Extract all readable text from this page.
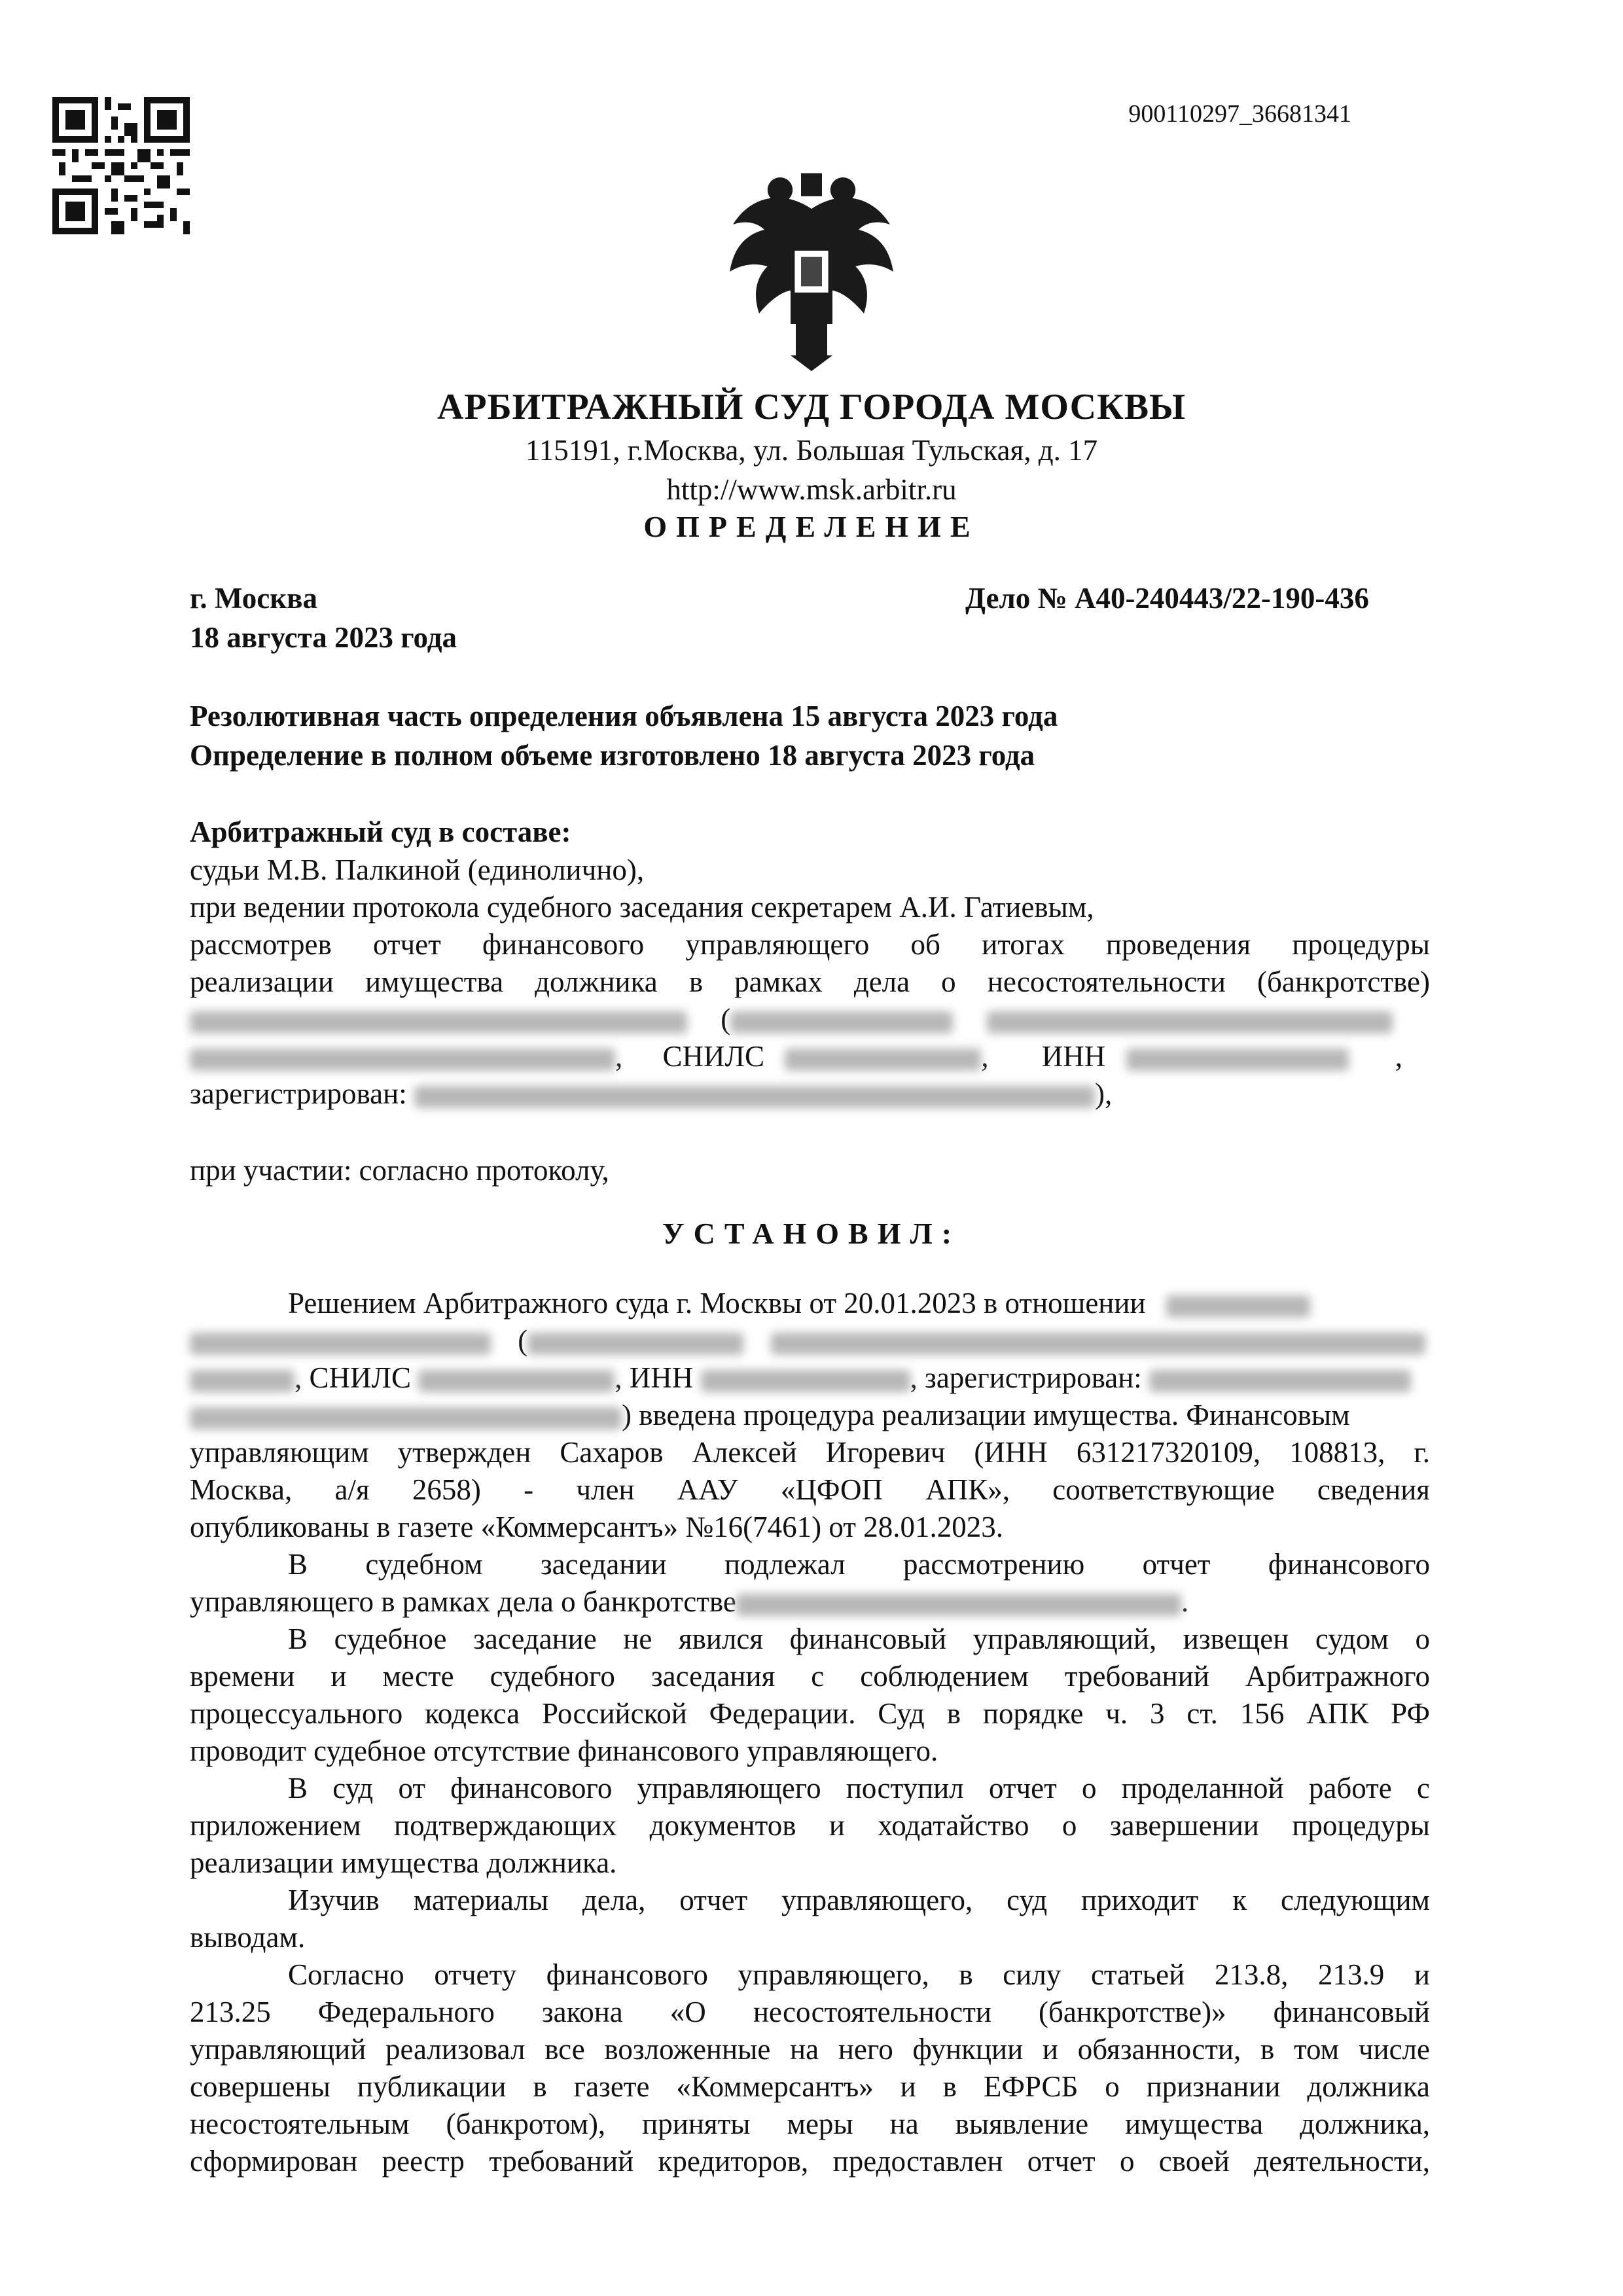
900110297_36681341
АРБИТРАЖНЫЙ СУД ГОРОДА МОСКВЫ
115191, г.Москва, ул. Большая Тульская, д. 17
http://www.msk.arbitr.ru
ОПРЕДЕЛЕНИЕ
г. Москва	Дело № А40-240443/22-190-436
18 августа 2023 года
Резолютивная часть определения объявлена 15 августа 2023 года
Определение в полном объеме изготовлено 18 августа 2023 года
Арбитражный суд в составе:
судьи М.В. Палкиной (единолично),
при ведении протокола судебного заседания секретарем А.И. Гатиевым,
рассмотрев отчет финансового управляющего об итогах проведения процедуры
реализации имущества должника в рамках дела о несостоятельности (банкротстве)
(
, СНИЛС	, ИНН	,
зарегистрирован:	),
при участии: согласно протоколу,
УСТАНОВИЛ:
Решением Арбитражного суда г. Москвы от 20.01.2023 в отношении
(
, СНИЛС	, ИНН	, зарегистрирован:
) введена процедура реализации имущества. Финансовым
управляющим утвержден Сахаров Алексей Игоревич (ИНН 631217320109, 108813, г.
Москва, а/я 2658) - член ААУ «ЦФОП АПК», соответствующие сведения
опубликованы в газете «Коммерсантъ» №16(7461) от 28.01.2023.
В судебном заседании подлежал рассмотрению отчет финансового
управляющего в рамках дела о банкротстве	.
В судебное заседание не явился финансовый управляющий, извещен судом о
времени и месте судебного заседания с соблюдением требований Арбитражного
процессуального кодекса Российской Федерации. Суд в порядке ч. 3 ст. 156 АПК РФ
проводит судебное отсутствие финансового управляющего.
В суд от финансового управляющего поступил отчет о проделанной работе с
приложением подтверждающих документов и ходатайство о завершении процедуры
реализации имущества должника.
Изучив материалы дела, отчет управляющего, суд приходит к следующим
выводам.
Согласно отчету финансового управляющего, в силу статьей 213.8, 213.9 и
213.25 Федерального закона «О несостоятельности (банкротстве)» финансовый
управляющий реализовал все возложенные на него функции и обязанности, в том числе
совершены публикации в газете «Коммерсантъ» и в ЕФРСБ о признании должника
несостоятельным (банкротом), приняты меры на выявление имущества должника,
сформирован реестр требований кредиторов, предоставлен отчет о своей деятельности,
